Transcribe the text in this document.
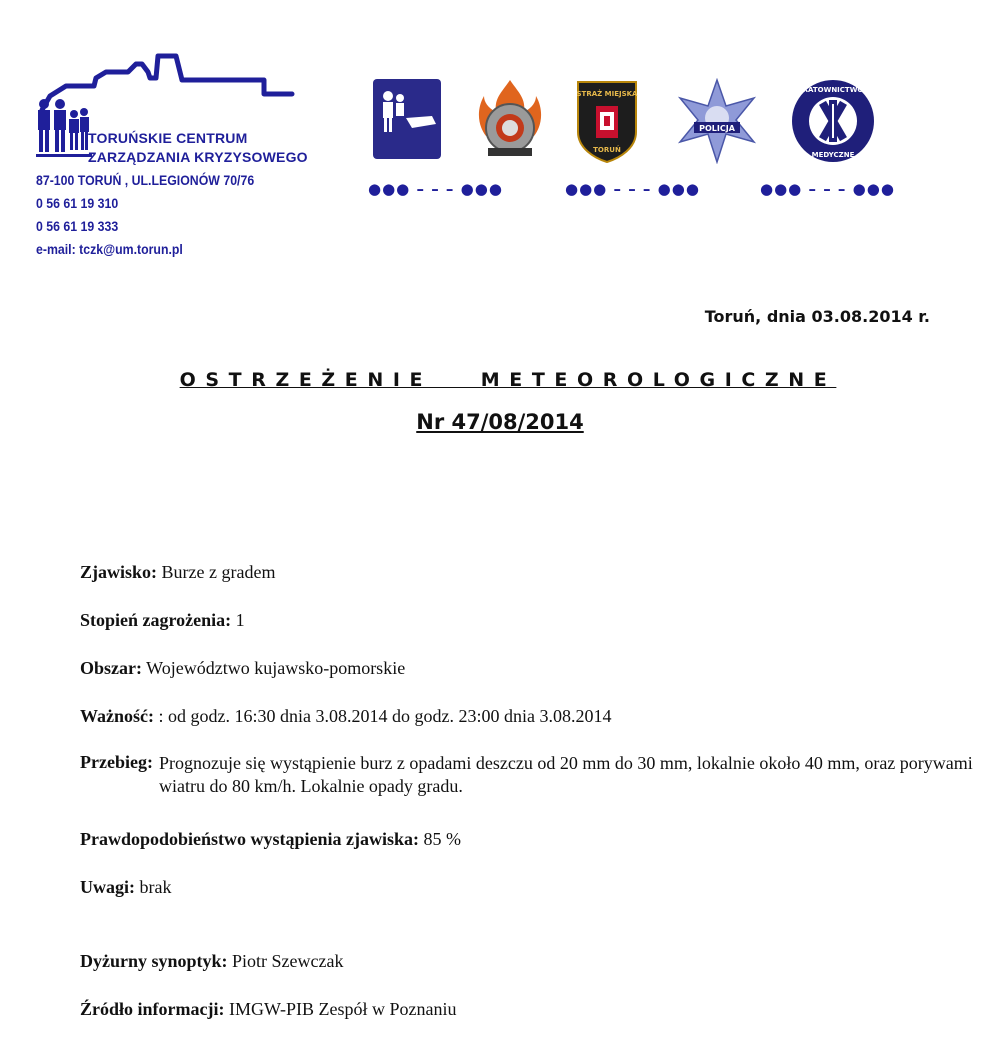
TORUŃSKIE CENTRUM
ZARZĄDZANIA KRYZYSOWEGO
87-100 TORUŃ , UL.LEGIONÓW 70/76
0 56 61 19 310
0 56 61 19 333
e-mail: tczk@um.torun.pl
STRAŻ MIEJSKA
TORUŃ
POLICJA
RATOWNICTWO
MEDYCZNE
●●● – – – ●●●	●●● – – – ●●●	●●● – – – ●●●
Toruń, dnia 03.08.2014 r.
OSTRZEŻENIE   METEOROLOGICZNE
Nr 47/08/2014
Zjawisko: Burze z gradem
Stopień zagrożenia: 1
Obszar: Województwo kujawsko-pomorskie
Ważność: : od godz. 16:30 dnia 3.08.2014 do godz. 23:00 dnia 3.08.2014
Przebieg: Prognozuje się wystąpienie burz z opadami deszczu od 20 mm do 30 mm, lokalnie około 40 mm, oraz porywami wiatru do 80 km/h. Lokalnie opady gradu.
Prawdopodobieństwo wystąpienia zjawiska: 85 %
Uwagi: brak
Dyżurny synoptyk: Piotr Szewczak
Źródło informacji: IMGW-PIB Zespół w Poznaniu
